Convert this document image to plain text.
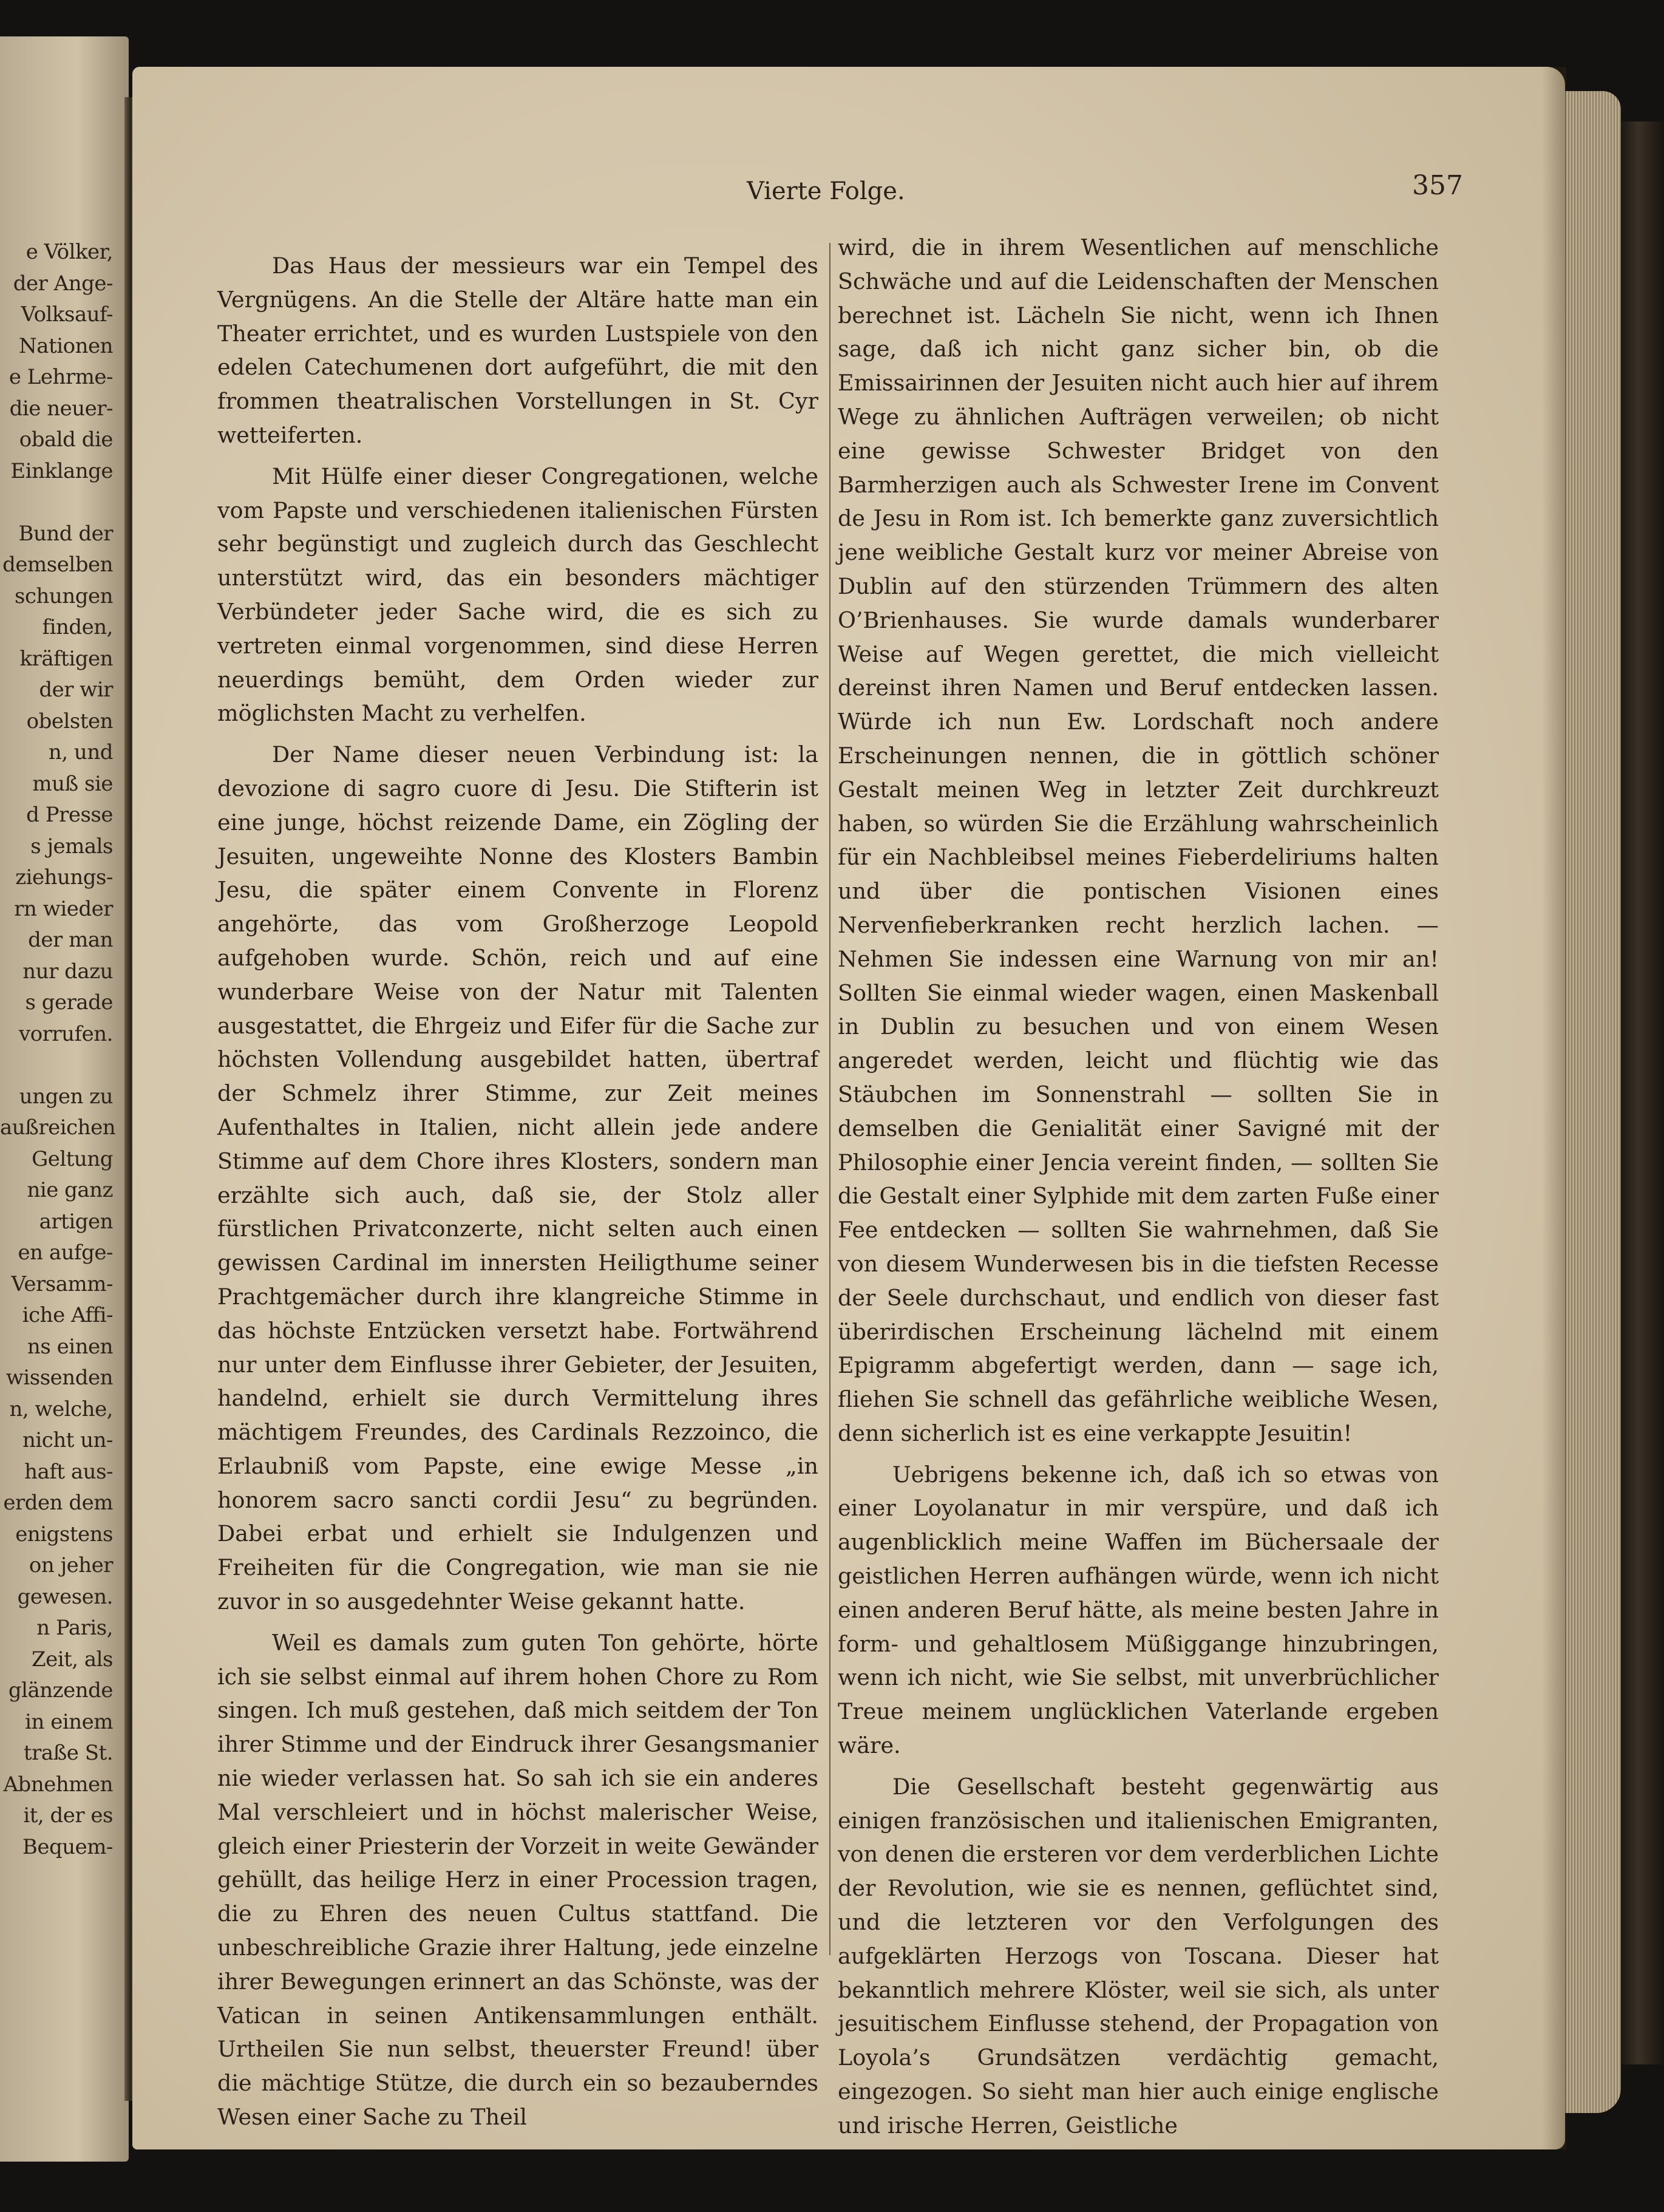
e Völker,
der Ange-
Volksauf-
Nationen
e Lehrme-
die neuer-
obald die
Einklange
Bund der
demselben
schungen
finden,
kräftigen
der wir
obelsten
n, und
muß sie
d Presse
s jemals
ziehungs-
rn wieder
der man
nur dazu
s gerade
vorrufen.
ungen zu
außreichen
Geltung
nie ganz
artigen
en aufge-
Versamm-
iche Affi-
ns einen
wissenden
n, welche,
nicht un-
haft aus-
erden dem
enigstens
on jeher
gewesen.
n Paris,
Zeit, als
glänzende
in einem
traße St.
Abnehmen
it, der es
Bequem-
Vierte Folge.	357

Das Haus der messieurs war ein Tempel des Vergnügens. An die Stelle der Altäre hatte man ein Theater errichtet, und es wurden Lustspiele von den edelen Catechumenen dort aufgeführt, die mit den frommen theatralischen Vorstellungen in St. Cyr wetteiferten.

Mit Hülfe einer dieser Congregationen, welche vom Papste und verschiedenen italienischen Fürsten sehr begünstigt und zugleich durch das Geschlecht unterstützt wird, das ein besonders mächtiger Verbündeter jeder Sache wird, die es sich zu vertreten einmal vorgenommen, sind diese Herren neuerdings bemüht, dem Orden wieder zur möglichsten Macht zu verhelfen.

Der Name dieser neuen Verbindung ist: la devozione di sagro cuore di Jesu. Die Stifterin ist eine junge, höchst reizende Dame, ein Zögling der Jesuiten, ungeweihte Nonne des Klosters Bambin Jesu, die später einem Convente in Florenz angehörte, das vom Großherzoge Leopold aufgehoben wurde. Schön, reich und auf eine wunderbare Weise von der Natur mit Talenten ausgestattet, die Ehrgeiz und Eifer für die Sache zur höchsten Vollendung ausgebildet hatten, übertraf der Schmelz ihrer Stimme, zur Zeit meines Aufenthaltes in Italien, nicht allein jede andere Stimme auf dem Chore ihres Klosters, sondern man erzählte sich auch, daß sie, der Stolz aller fürstlichen Privatconzerte, nicht selten auch einen gewissen Cardinal im innersten Heiligthume seiner Prachtgemächer durch ihre klangreiche Stimme in das höchste Entzücken versetzt habe. Fortwährend nur unter dem Einflusse ihrer Gebieter, der Jesuiten, handelnd, erhielt sie durch Vermittelung ihres mächtigem Freundes, des Cardinals Rezzoinco, die Erlaubniß vom Papste, eine ewige Messe „in honorem sacro sancti cordii Jesu“ zu begründen. Dabei erbat und erhielt sie Indulgenzen und Freiheiten für die Congregation, wie man sie nie zuvor in so ausgedehnter Weise gekannt hatte.

Weil es damals zum guten Ton gehörte, hörte ich sie selbst einmal auf ihrem hohen Chore zu Rom singen. Ich muß gestehen, daß mich seitdem der Ton ihrer Stimme und der Eindruck ihrer Gesangsmanier nie wieder verlassen hat. So sah ich sie ein anderes Mal verschleiert und in höchst malerischer Weise, gleich einer Priesterin der Vorzeit in weite Gewänder gehüllt, das heilige Herz in einer Procession tragen, die zu Ehren des neuen Cultus stattfand. Die unbeschreibliche Grazie ihrer Haltung, jede einzelne ihrer Bewegungen erinnert an das Schönste, was der Vatican in seinen Antikensammlungen enthält. Urtheilen Sie nun selbst, theuerster Freund! über die mächtige Stütze, die durch ein so bezauberndes Wesen einer Sache zu Theil

wird, die in ihrem Wesentlichen auf menschliche Schwäche und auf die Leidenschaften der Menschen berechnet ist. Lächeln Sie nicht, wenn ich Ihnen sage, daß ich nicht ganz sicher bin, ob die Emissairinnen der Jesuiten nicht auch hier auf ihrem Wege zu ähnlichen Aufträgen verweilen; ob nicht eine gewisse Schwester Bridget von den Barmherzigen auch als Schwester Irene im Convent de Jesu in Rom ist. Ich bemerkte ganz zuversichtlich jene weibliche Gestalt kurz vor meiner Abreise von Dublin auf den stürzenden Trümmern des alten O’Brienhauses. Sie wurde damals wunderbarer Weise auf Wegen gerettet, die mich vielleicht dereinst ihren Namen und Beruf entdecken lassen. Würde ich nun Ew. Lordschaft noch andere Erscheinungen nennen, die in göttlich schöner Gestalt meinen Weg in letzter Zeit durchkreuzt haben, so würden Sie die Erzählung wahrscheinlich für ein Nachbleibsel meines Fieberdeliriums halten und über die pontischen Visionen eines Nervenfieberkranken recht herzlich lachen. — Nehmen Sie indessen eine Warnung von mir an! Sollten Sie einmal wieder wagen, einen Maskenball in Dublin zu besuchen und von einem Wesen angeredet werden, leicht und flüchtig wie das Stäubchen im Sonnenstrahl — sollten Sie in demselben die Genialität einer Savigné mit der Philosophie einer Jencia vereint finden, — sollten Sie die Gestalt einer Sylphide mit dem zarten Fuße einer Fee entdecken — sollten Sie wahrnehmen, daß Sie von diesem Wunderwesen bis in die tiefsten Recesse der Seele durchschaut, und endlich von dieser fast überirdischen Erscheinung lächelnd mit einem Epigramm abgefertigt werden, dann — sage ich, fliehen Sie schnell das gefährliche weibliche Wesen, denn sicherlich ist es eine verkappte Jesuitin!

Uebrigens bekenne ich, daß ich so etwas von einer Loyolanatur in mir verspüre, und daß ich augenblicklich meine Waffen im Büchersaale der geistlichen Herren aufhängen würde, wenn ich nicht einen anderen Beruf hätte, als meine besten Jahre in form- und gehaltlosem Müßiggange hinzubringen, wenn ich nicht, wie Sie selbst, mit unverbrüchlicher Treue meinem unglücklichen Vaterlande ergeben wäre.

Die Gesellschaft besteht gegenwärtig aus einigen französischen und italienischen Emigranten, von denen die ersteren vor dem verderblichen Lichte der Revolution, wie sie es nennen, geflüchtet sind, und die letzteren vor den Verfolgungen des aufgeklärten Herzogs von Toscana. Dieser hat bekanntlich mehrere Klöster, weil sie sich, als unter jesuitischem Einflusse stehend, der Propagation von Loyola’s Grundsätzen verdächtig gemacht, eingezogen. So sieht man hier auch einige englische und irische Herren, Geistliche
